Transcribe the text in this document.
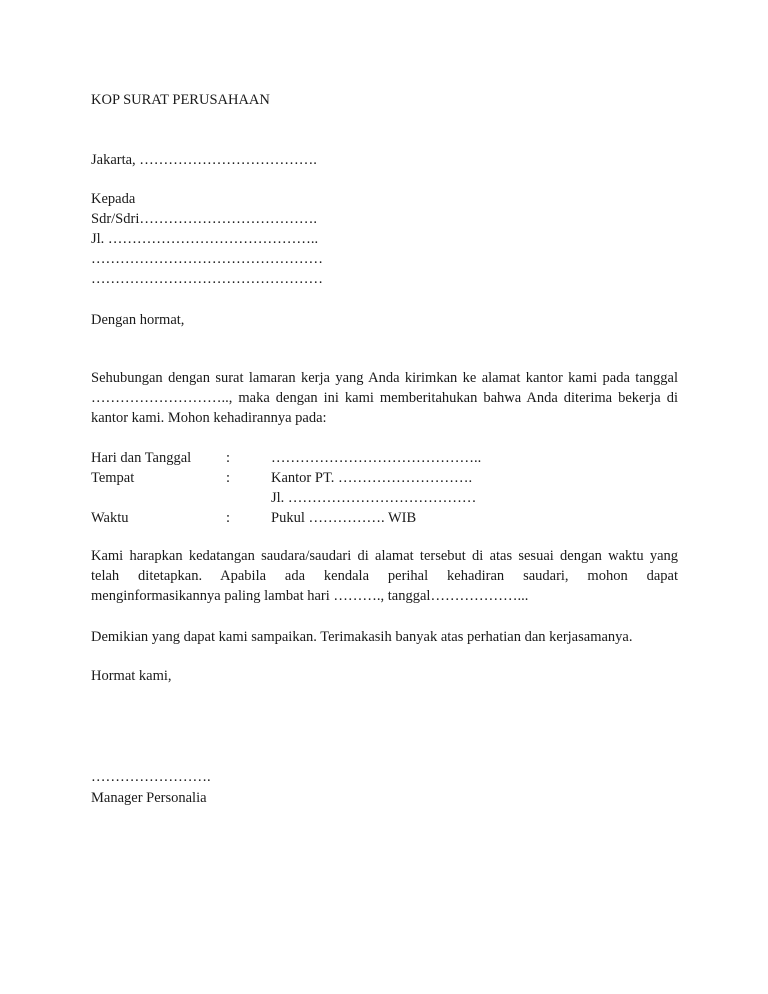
KOP SURAT PERUSAHAAN
Jakarta, ……………………………….
Kepada
Sdr/Sdri……………………………….
Jl. ……………………………………..
…………………………………………
…………………………………………
Dengan hormat,
Sehubungan dengan surat lamaran kerja yang Anda kirimkan ke alamat kantor kami pada tanggal
……………………….., maka dengan ini kami memberitahukan bahwa Anda diterima bekerja di
kantor kami. Mohon kehadirannya pada:
Hari dan Tanggal :	……………………………………..
Tempat	:	Kantor PT. ……………………….
Jl. …………………………………
Waktu	:	Pukul ……………. WIB
Kami harapkan kedatangan saudara/saudari di alamat tersebut di atas sesuai dengan waktu yang
telah ditetapkan. Apabila ada kendala perihal kehadiran saudari, mohon dapat
menginformasikannya paling lambat hari ………., tanggal………………...
Demikian yang dapat kami sampaikan. Terimakasih banyak atas perhatian dan kerjasamanya.
Hormat kami,
…………………….
Manager Personalia
